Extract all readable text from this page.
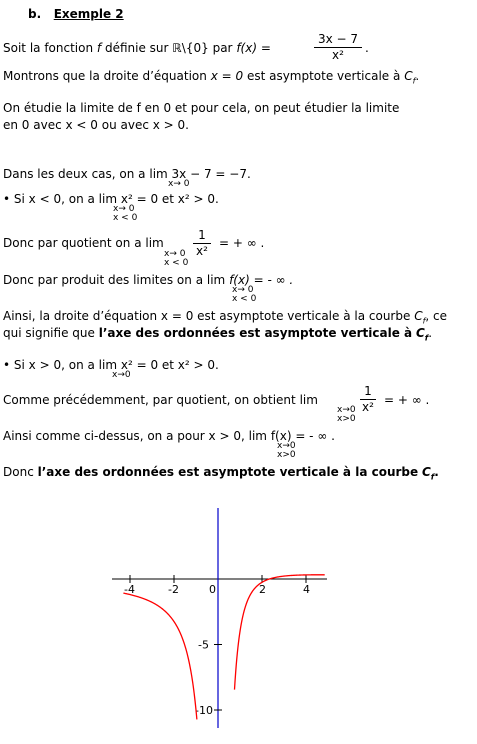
b. Exemple 2
Soit la fonction f définie sur ℝ\{0} par f(x) =
3x − 7
x²	.
Montrons que la droite d’équation x = 0 est asymptote verticale à $C_f$.
On étudie la limite de f en 0 et pour cela, on peut étudier la limite
en 0 avec x < 0 ou avec x > 0.
Dans les deux cas, on a lim 3x − 7 = −7.
x→ 0
• Si x < 0, on a lim x² = 0 et x² > 0.
x→ 0
x < 0
Donc par quotient on a lim
x→ 0
x < 0
1
x²
= + ∞ .
Donc par produit des limites on a lim f(x) = - ∞ .
x→ 0
x < 0
Ainsi, la droite d’équation x = 0 est asymptote verticale à la courbe $C_f$, ce
qui signifie que l’axe des ordonnées est asymptote verticale à $C_f$.
• Si x > 0, on a lim x² = 0 et x² > 0.
x→0
Comme précédemment, par quotient, on obtient lim
x→0
x>0
1
x² = + ∞ .
Ainsi comme ci-dessus, on a pour x > 0, lim f(x) = - ∞ .
x→0
x>0
Donc l’axe des ordonnées est asymptote verticale à la courbe $C_f$.
-4	-2	0	2	4
-5
-10
